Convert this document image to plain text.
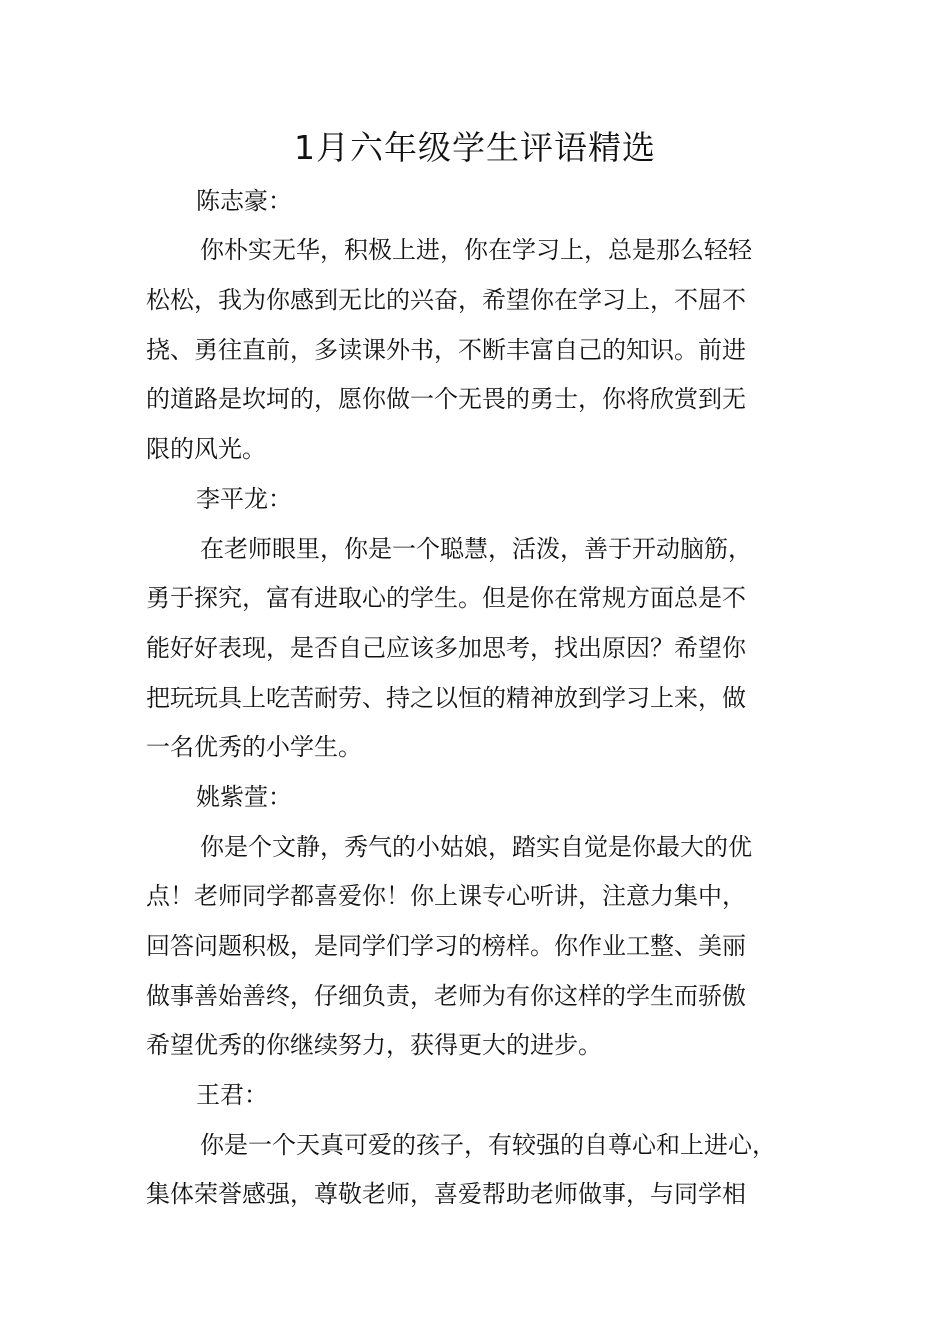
1月六年级学生评语精选
陈志豪：
你朴实无华，积极上进，你在学习上，总是那么轻轻
松松，我为你感到无比的兴奋，希望你在学习上，不屈不
挠、勇往直前，多读课外书，不断丰富自己的知识。前进
的道路是坎坷的，愿你做一个无畏的勇士，你将欣赏到无
限的风光。
李平龙：
在老师眼里，你是一个聪慧，活泼，善于开动脑筋，
勇于探究，富有进取心的学生。但是你在常规方面总是不
能好好表现，是否自己应该多加思考，找出原因？希望你
把玩玩具上吃苦耐劳、持之以恒的精神放到学习上来，做
一名优秀的小学生。
姚紫萱：
你是个文静，秀气的小姑娘，踏实自觉是你最大的优
点！老师同学都喜爱你！你上课专心听讲，注意力集中，
回答问题积极，是同学们学习的榜样。你作业工整、美丽
做事善始善终，仔细负责，老师为有你这样的学生而骄傲
希望优秀的你继续努力，获得更大的进步。
王君：
你是一个天真可爱的孩子，有较强的自尊心和上进心，
集体荣誉感强，尊敬老师，喜爱帮助老师做事，与同学相
